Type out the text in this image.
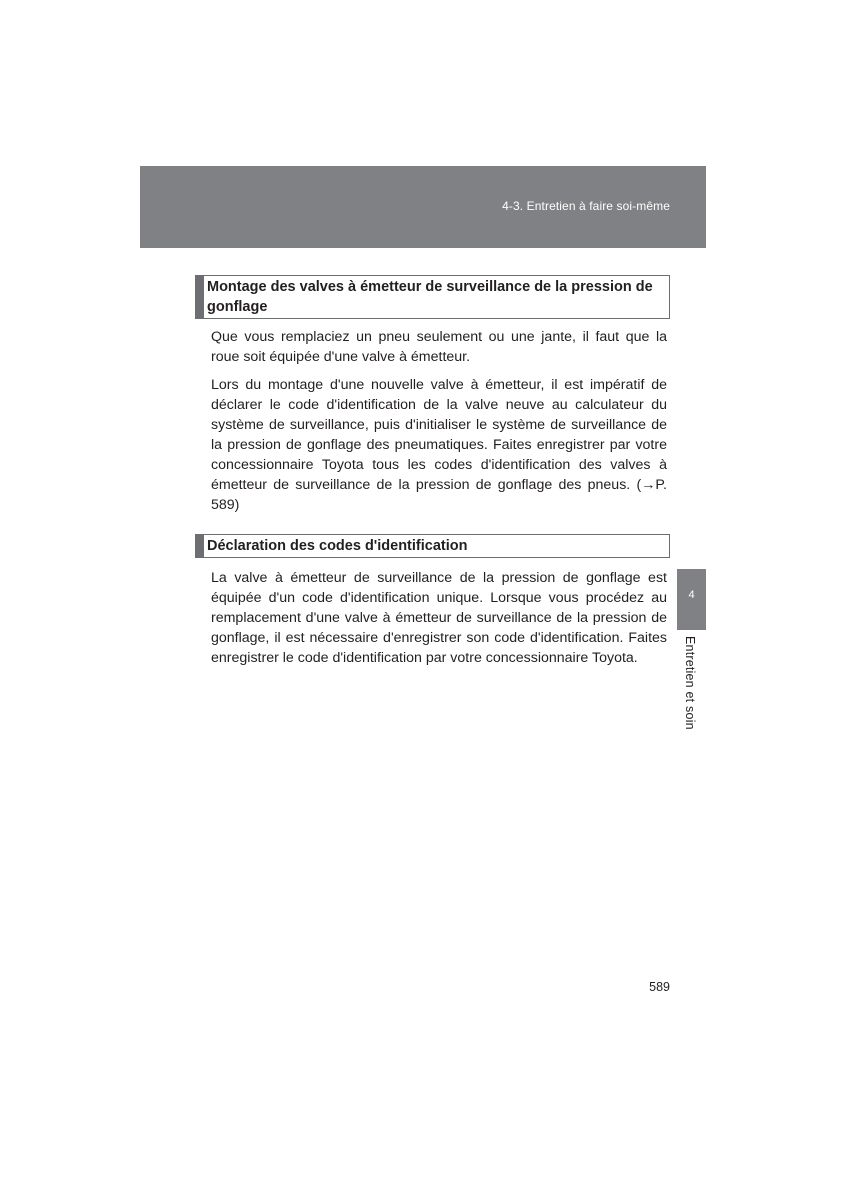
4-3. Entretien à faire soi-même
Montage des valves à émetteur de surveillance de la pression de gonflage

Que vous remplaciez un pneu seulement ou une jante, il faut que la roue soit équipée d'une valve à émetteur.

Lors du montage d'une nouvelle valve à émetteur, il est impératif de déclarer le code d'identification de la valve neuve au calculateur du système de surveillance, puis d'initialiser le système de surveillance de la pression de gonflage des pneumatiques. Faites enregistrer par votre concessionnaire Toyota tous les codes d'identification des valves à émetteur de surveillance de la pression de gonflage des pneus. (→P. 589)

Déclaration des codes d'identification

La valve à émetteur de surveillance de la pression de gonflage est équipée d'un code d'identification unique. Lorsque vous procédez au remplacement d'une valve à émetteur de surveillance de la pression de gonflage, il est nécessaire d'enregistrer son code d'identification. Faites enregistrer le code d'identification par votre concessionnaire Toyota.

4
Entretien et soin
589
